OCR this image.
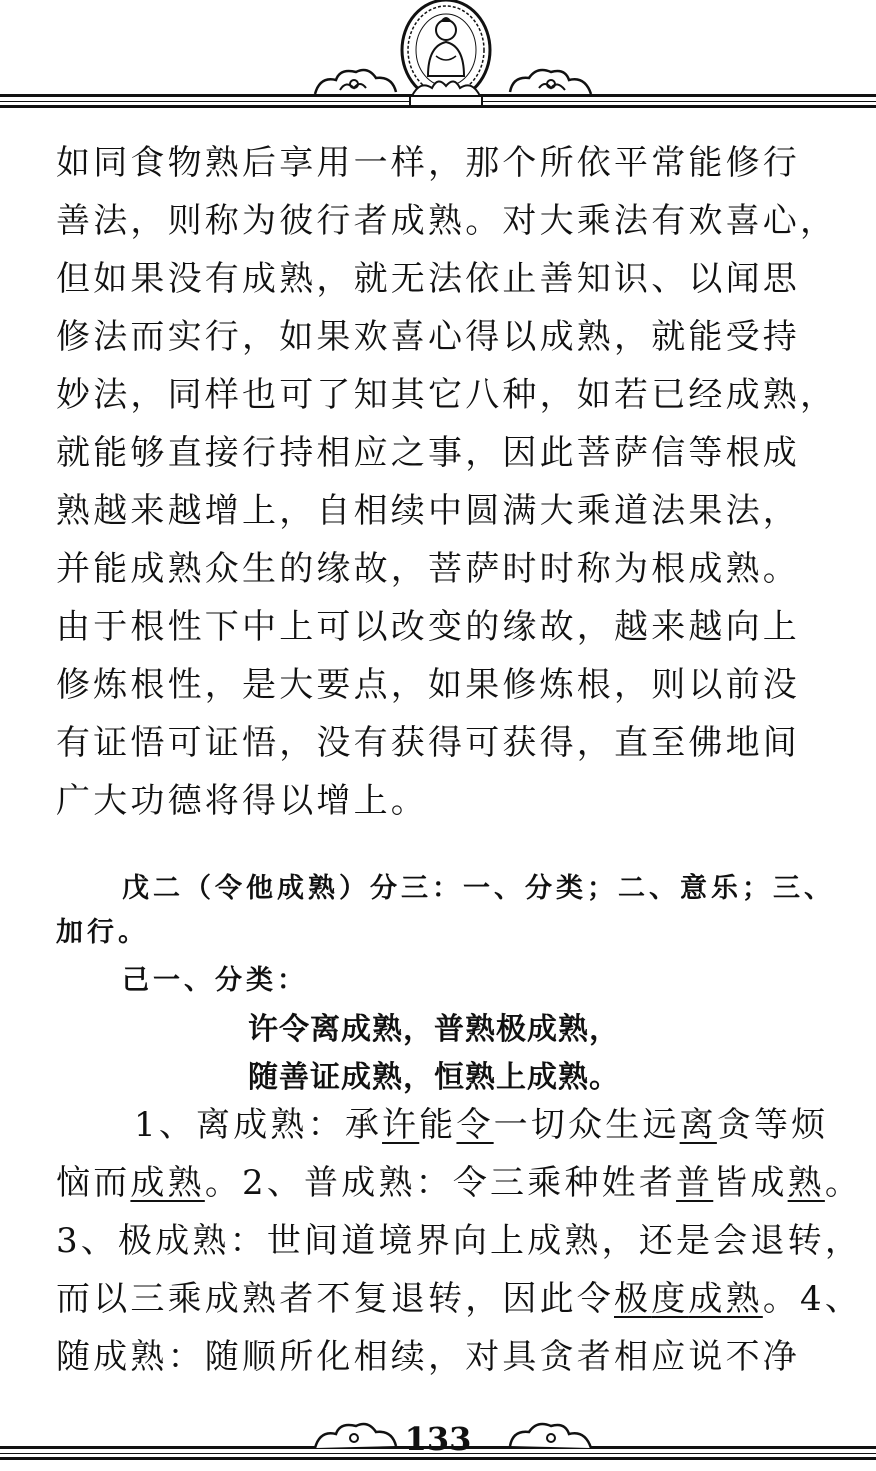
如同食物熟后享用一样，那个所依平常能修行
善法，则称为彼行者成熟。对大乘法有欢喜心，
但如果没有成熟，就无法依止善知识、以闻思
修法而实行，如果欢喜心得以成熟，就能受持
妙法，同样也可了知其它八种，如若已经成熟，
就能够直接行持相应之事，因此菩萨信等根成
熟越来越增上，自相续中圆满大乘道法果法，
并能成熟众生的缘故，菩萨时时称为根成熟。
由于根性下中上可以改变的缘故，越来越向上
修炼根性，是大要点，如果修炼根，则以前没
有证悟可证悟，没有获得可获得，直至佛地间
广大功德将得以增上。
戊二（令他成熟）分三：一、分类；二、意乐；三、
加行。
己一、分类：
许令离成熟，普熟极成熟，
随善证成熟，恒熟上成熟。
1、离成熟：承许能令一切众生远离贪等烦
恼而成熟。2、普成熟：令三乘种姓者普皆成熟。
3、极成熟：世间道境界向上成熟，还是会退转，
而以三乘成熟者不复退转，因此令极度成熟。4、
随成熟：随顺所化相续，对具贪者相应说不净
133
